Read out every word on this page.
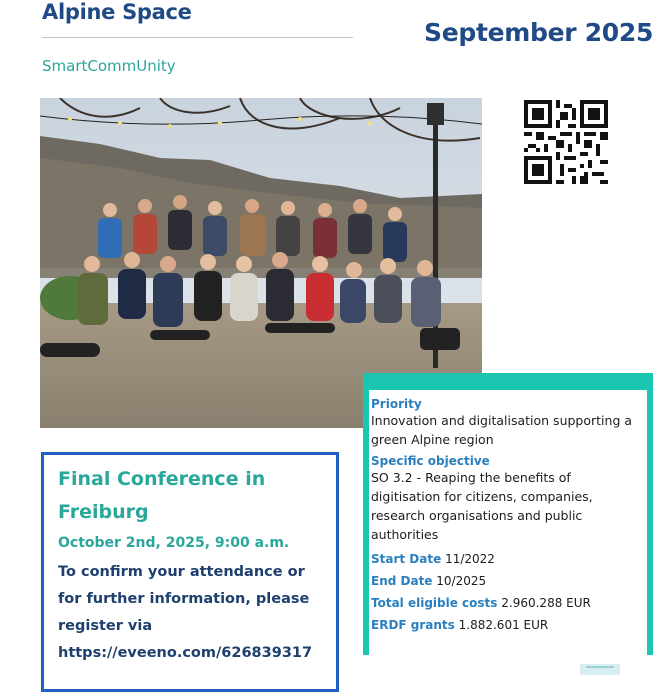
Alpine Space
SmartCommUnity
September 2025
Final Conference in
Freiburg
October 2nd, 2025, 9:00 a.m.
To confirm your attendance or for further information, please register via
https://eveeno.com/626839317
Priority
Innovation and digitalisation supporting a green Alpine region
Specific objective
SO 3.2 - Reaping the benefits of digitisation for citizens, companies, research organisations and public authorities
Start Date 11/2022
End Date 10/2025
Total eligible costs 2.960.288 EUR
ERDF grants 1.882.601 EUR
